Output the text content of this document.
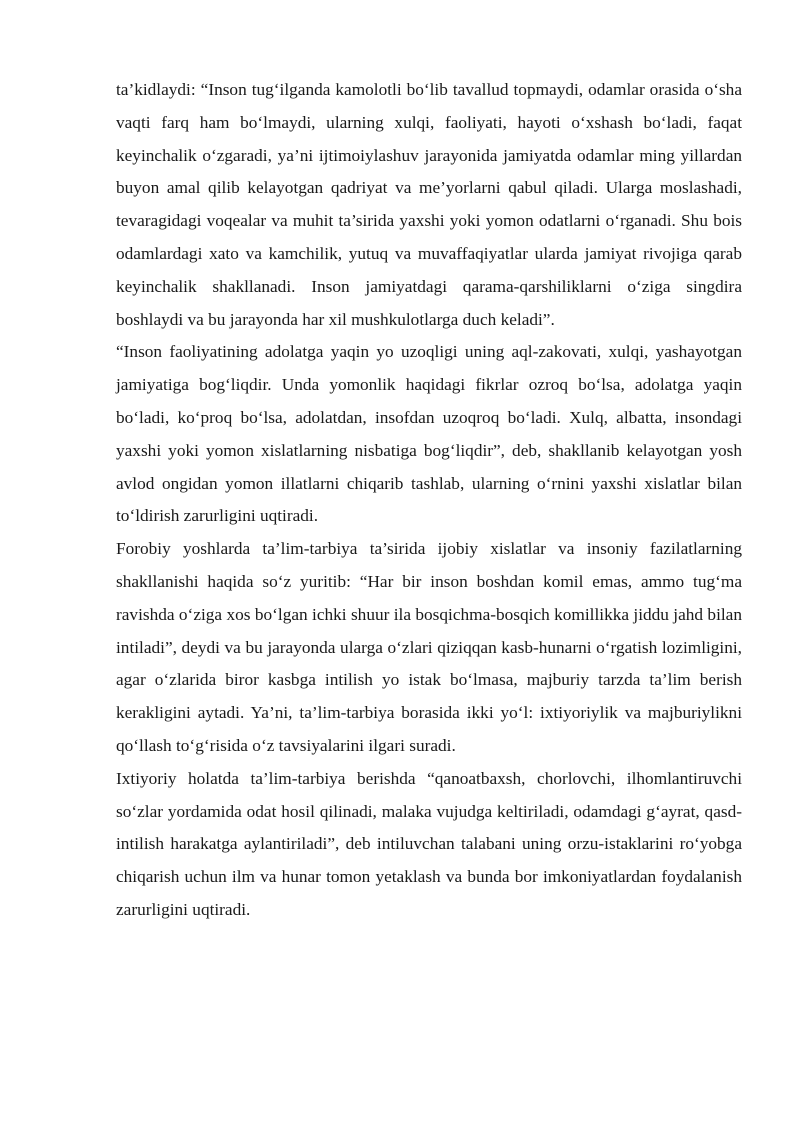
ta’kidlaydi: “Inson tug‘ilganda kamolotli bo‘lib tavallud topmaydi, odamlar orasida o‘sha vaqti farq ham bo‘lmaydi, ularning xulqi, faoliyati, hayoti o‘xshash bo‘ladi, faqat keyinchalik o‘zgaradi, ya’ni ijtimoiylashuv jarayonida jamiyatda odamlar ming yillardan buyon amal qilib kelayotgan qadriyat va me’yorlarni qabul qiladi. Ularga moslashadi, tevaragidagi voqealar va muhit ta’sirida yaxshi yoki yomon odatlarni o‘rganadi. Shu bois odamlardagi xato va kamchilik, yutuq va muvaffaqiyatlar ularda jamiyat rivojiga qarab keyinchalik shakllanadi. Inson jamiyatdagi qarama-qarshiliklarni o‘ziga singdira boshlaydi va bu jarayonda har xil mushkulotlarga duch keladi”.

“Inson faoliyatining adolatga yaqin yo uzoqligi uning aql-zakovati, xulqi, yashayotgan jamiyatiga bog‘liqdir. Unda yomonlik haqidagi fikrlar ozroq bo‘lsa, adolatga yaqin bo‘ladi, ko‘proq bo‘lsa, adolatdan, insofdan uzoqroq bo‘ladi. Xulq, albatta, insondagi yaxshi yoki yomon xislatlarning nisbatiga bog‘liqdir”, deb, shakllanib kelayotgan yosh avlod ongidan yomon illatlarni chiqarib tashlab, ularning o‘rnini yaxshi xislatlar bilan to‘ldirish zarurligini uqtiradi.

Forobiy yoshlarda ta’lim-tarbiya ta’sirida ijobiy xislatlar va insoniy fazilatlarning shakllanishi haqida so‘z yuritib: “Har bir inson boshdan komil emas, ammo tug‘ma ravishda o‘ziga xos bo‘lgan ichki shuur ila bosqichma-bosqich komillikka jiddu jahd bilan intiladi”, deydi va bu jarayonda ularga o‘zlari qiziqqan kasb-hunarni o‘rgatish lozimligini, agar o‘zlarida biror kasbga intilish yo istak bo‘lmasa, majburiy tarzda ta’lim berish kerakligini aytadi. Ya’ni, ta’lim-tarbiya borasida ikki yo‘l: ixtiyoriylik va majburiylikni qo‘llash to‘g‘risida o‘z tavsiyalarini ilgari suradi.

Ixtiyoriy holatda ta’lim-tarbiya berishda “qanoatbaxsh, chorlovchi, ilhomlantiruvchi so‘zlar yordamida odat hosil qilinadi, malaka vujudga keltiriladi, odamdagi g‘ayrat, qasd-intilish harakatga aylantiriladi”, deb intiluvchan talabani uning orzu-istaklarini ro‘yobga chiqarish uchun ilm va hunar tomon yetaklash va bunda bor imkoniyatlardan foydalanish zarurligini uqtiradi.
